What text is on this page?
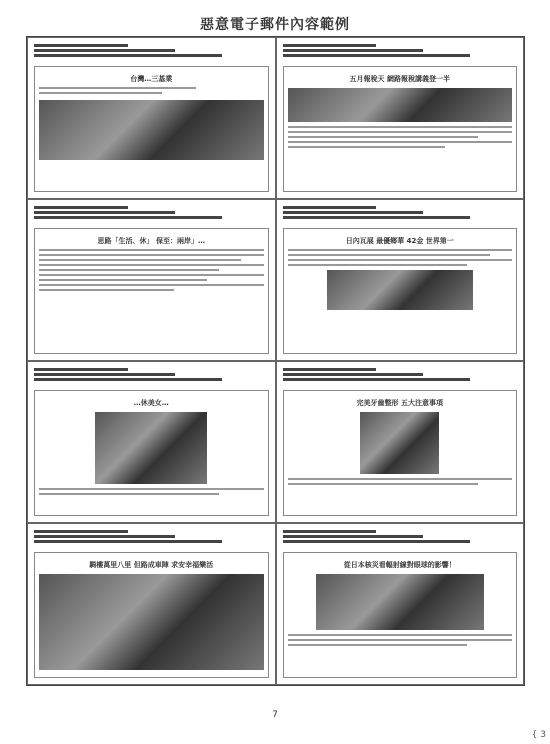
惡意電子郵件內容範例
台灣…三基業	五月報稅天 網路報稅講義登一半
思路「生活、休」 保至：兩岸」…	日內瓦展 最優鄉華 42金 世界第一
…休美女…	完美牙齒整形 五大注意事項
騎樓萬里八里 但路成車陣 求安幸福樂活	從日本核災看輻射線對眼球的影響！
7
{ 3
